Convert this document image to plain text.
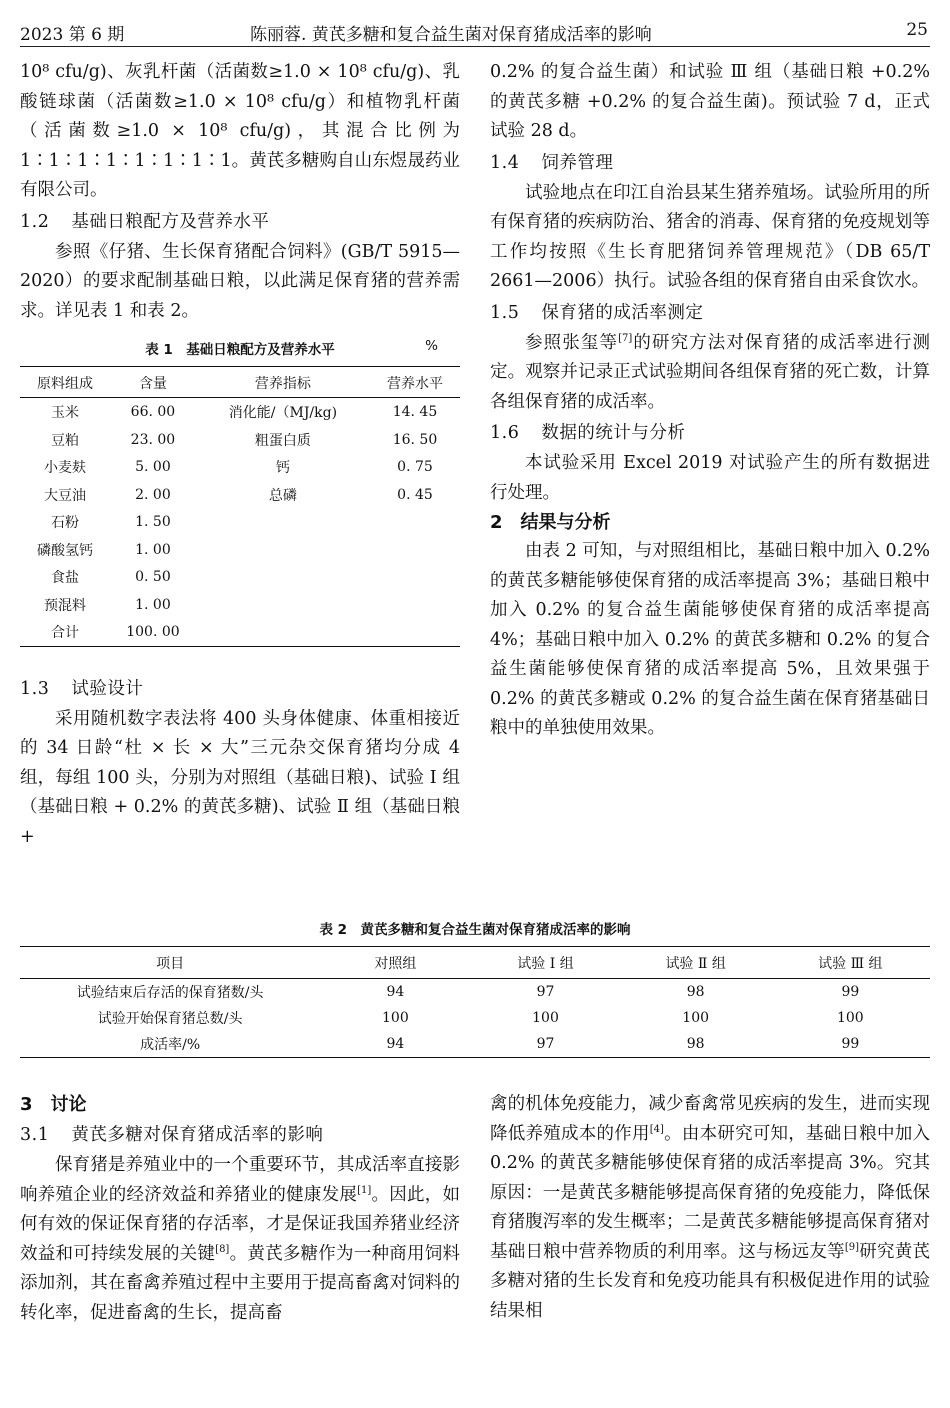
2023 第 6 期	陈丽蓉. 黄芪多糖和复合益生菌对保育猪成活率的影响	25

10⁸ cfu/g)、灰乳杆菌（活菌数≥1.0 × 10⁸ cfu/g)、乳酸链球菌（活菌数≥1.0 × 10⁸ cfu/g）和植物乳杆菌（活菌数≥1.0 × 10⁸ cfu/g)，其混合比例为 1∶1∶1∶1∶1∶1∶1∶1。黄芪多糖购自山东煜晟药业有限公司。

1.2 基础日粮配方及营养水平

参照《仔猪、生长保育猪配合饲料》(GB/T 5915—2020）的要求配制基础日粮，以此满足保育猪的营养需求。详见表 1 和表 2。

表 1　基础日粮配方及营养水平	%
原料组成	含量	营养指标	营养水平
玉米	66. 00	消化能/（MJ/kg)	14. 45
豆粕	23. 00	粗蛋白质	16. 50
小麦麸	5. 00	钙	0. 75
大豆油	2. 00	总磷	0. 45
石粉	1. 50		
磷酸氢钙	1. 00		
食盐	0. 50		
预混料	1. 00		
合计	100. 00		
1.3 试验设计

采用随机数字表法将 400 头身体健康、体重相接近的 34 日龄“杜 × 长 × 大”三元杂交保育猪均分成 4 组，每组 100 头，分别为对照组（基础日粮)、试验 Ⅰ 组（基础日粮 + 0.2% 的黄芪多糖)、试验 Ⅱ 组（基础日粮 +

0.2% 的复合益生菌）和试验 Ⅲ 组（基础日粮 +0.2% 的黄芪多糖 +0.2% 的复合益生菌)。预试验 7 d，正式试验 28 d。

1.4 饲养管理

试验地点在印江自治县某生猪养殖场。试验所用的所有保育猪的疾病防治、猪舍的消毒、保育猪的免疫规划等工作均按照《生长育肥猪饲养管理规范》（DB 65/T 2661—2006）执行。试验各组的保育猪自由采食饮水。

1.5 保育猪的成活率测定

参照张玺等[7]的研究方法对保育猪的成活率进行测定。观察并记录正式试验期间各组保育猪的死亡数，计算各组保育猪的成活率。

1.6 数据的统计与分析

本试验采用 Excel 2019 对试验产生的所有数据进行处理。

2 结果与分析

由表 2 可知，与对照组相比，基础日粮中加入 0.2% 的黄芪多糖能够使保育猪的成活率提高 3%；基础日粮中加入 0.2% 的复合益生菌能够使保育猪的成活率提高 4%；基础日粮中加入 0.2% 的黄芪多糖和 0.2% 的复合益生菌能够使保育猪的成活率提高 5%，且效果强于 0.2% 的黄芪多糖或 0.2% 的复合益生菌在保育猪基础日粮中的单独使用效果。

表 2　黄芪多糖和复合益生菌对保育猪成活率的影响
项目	对照组	试验 Ⅰ 组	试验 Ⅱ 组	试验 Ⅲ 组
试验结束后存活的保育猪数/头	94	97	98	99
试验开始保育猪总数/头	100	100	100	100
成活率/%	94	97	98	99
3 讨论
3.1 黄芪多糖对保育猪成活率的影响

保育猪是养殖业中的一个重要环节，其成活率直接影响养殖企业的经济效益和养猪业的健康发展[1]。因此，如何有效的保证保育猪的存活率，才是保证我国养猪业经济效益和可持续发展的关键[8]。黄芪多糖作为一种商用饲料添加剂，其在畜禽养殖过程中主要用于提高畜禽对饲料的转化率，促进畜禽的生长，提高畜

禽的机体免疫能力，减少畜禽常见疾病的发生，进而实现降低养殖成本的作用[4]。由本研究可知，基础日粮中加入 0.2% 的黄芪多糖能够使保育猪的成活率提高 3%。究其原因：一是黄芪多糖能够提高保育猪的免疫能力，降低保育猪腹泻率的发生概率；二是黄芪多糖能够提高保育猪对基础日粮中营养物质的利用率。这与杨远友等[9]研究黄芪多糖对猪的生长发育和免疫功能具有积极促进作用的试验结果相
